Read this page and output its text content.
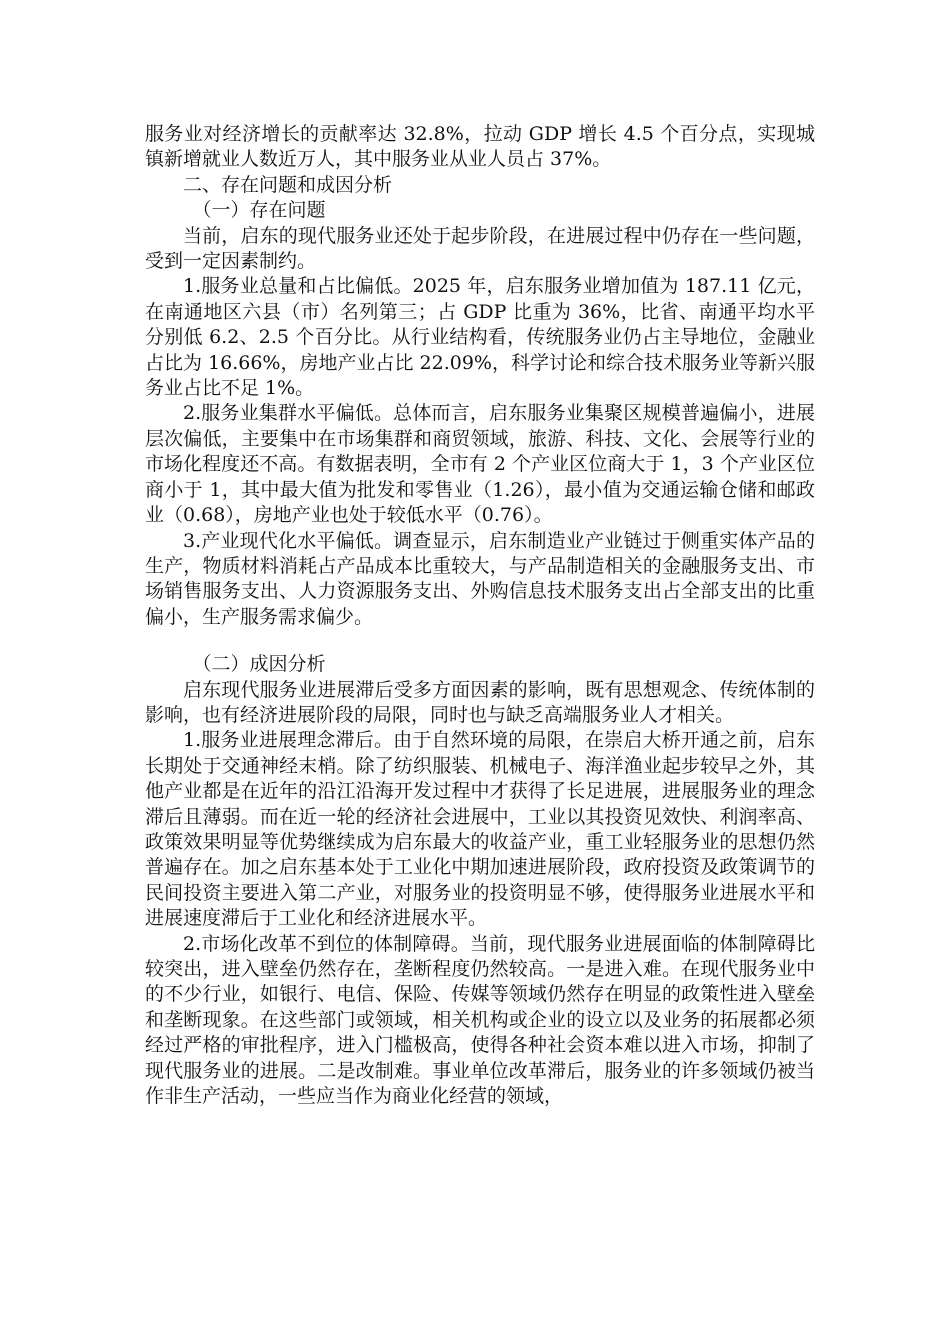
服务业对经济增长的贡献率达 32.8%，拉动 GDP 增长 4.5 个百分点，实现城镇新增就业人数近万人，其中服务业从业人员占 37%。

二、存在问题和成因分析

（一）存在问题

当前，启东的现代服务业还处于起步阶段，在进展过程中仍存在一些问题，受到一定因素制约。

1.服务业总量和占比偏低。2025 年，启东服务业增加值为 187.11 亿元，在南通地区六县（市）名列第三；占 GDP 比重为 36%，比省、南通平均水平分别低 6.2、2.5 个百分比。从行业结构看，传统服务业仍占主导地位，金融业占比为 16.66%，房地产业占比 22.09%，科学讨论和综合技术服务业等新兴服务业占比不足 1%。

2.服务业集群水平偏低。总体而言，启东服务业集聚区规模普遍偏小，进展层次偏低，主要集中在市场集群和商贸领域，旅游、科技、文化、会展等行业的市场化程度还不高。有数据表明，全市有 2 个产业区位商大于 1，3 个产业区位商小于 1，其中最大值为批发和零售业（1.26），最小值为交通运输仓储和邮政业（0.68），房地产业也处于较低水平（0.76）。

3.产业现代化水平偏低。调查显示，启东制造业产业链过于侧重实体产品的生产，物质材料消耗占产品成本比重较大，与产品制造相关的金融服务支出、市场销售服务支出、人力资源服务支出、外购信息技术服务支出占全部支出的比重偏小，生产服务需求偏少。

（二）成因分析

启东现代服务业进展滞后受多方面因素的影响，既有思想观念、传统体制的影响，也有经济进展阶段的局限，同时也与缺乏高端服务业人才相关。

1.服务业进展理念滞后。由于自然环境的局限，在崇启大桥开通之前，启东长期处于交通神经末梢。除了纺织服装、机械电子、海洋渔业起步较早之外，其他产业都是在近年的沿江沿海开发过程中才获得了长足进展，进展服务业的理念滞后且薄弱。而在近一轮的经济社会进展中，工业以其投资见效快、利润率高、政策效果明显等优势继续成为启东最大的收益产业，重工业轻服务业的思想仍然普遍存在。加之启东基本处于工业化中期加速进展阶段，政府投资及政策调节的民间投资主要进入第二产业，对服务业的投资明显不够，使得服务业进展水平和进展速度滞后于工业化和经济进展水平。

2.市场化改革不到位的体制障碍。当前，现代服务业进展面临的体制障碍比较突出，进入壁垒仍然存在，垄断程度仍然较高。一是进入难。在现代服务业中的不少行业，如银行、电信、保险、传媒等领域仍然存在明显的政策性进入壁垒和垄断现象。在这些部门或领域，相关机构或企业的设立以及业务的拓展都必须经过严格的审批程序，进入门槛极高，使得各种社会资本难以进入市场，抑制了现代服务业的进展。二是改制难。事业单位改革滞后，服务业的许多领域仍被当作非生产活动，一些应当作为商业化经营的领域，
